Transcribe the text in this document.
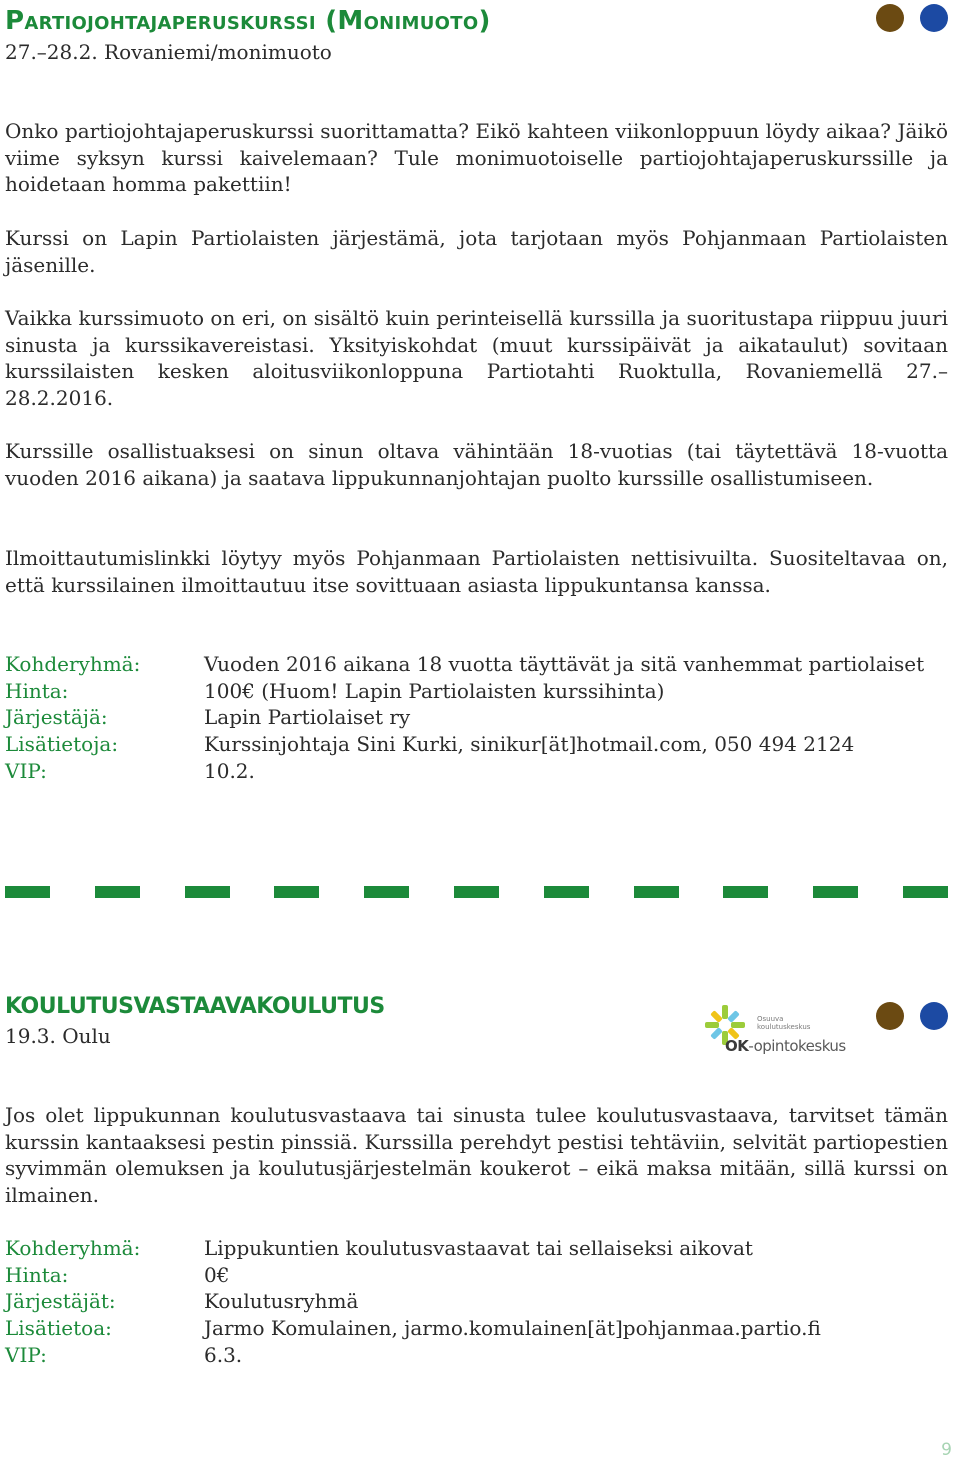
Partiojohtajaperuskurssi (Monimuoto)
27.–28.2. Rovaniemi/monimuoto

Onko partiojohtajaperuskurssi suorittamatta? Eikö kahteen viikonloppuun löydy aikaa? Jäikö viime syksyn kurssi kaivelemaan? Tule monimuotoiselle partiojohtajaperuskurssille ja hoidetaan homma pakettiin!

Kurssi on Lapin Partiolaisten järjestämä, jota tarjotaan myös Pohjanmaan Partiolaisten jäsenille.

Vaikka kurssimuoto on eri, on sisältö kuin perinteisellä kurssilla ja suoritustapa riippuu juuri sinusta ja kurssikavereistasi. Yksityiskohdat (muut kurssipäivät ja aikataulut) sovitaan kurssilaisten kesken aloitusviikonloppuna Partiotahti Ruoktulla, Rovaniemellä 27.–28.2.2016.

Kurssille osallistuaksesi on sinun oltava vähintään 18-vuotias (tai täytettävä 18-vuotta vuoden 2016 aikana) ja saatava lippukunnanjohtajan puolto kurssille osallistumiseen.

Ilmoittautumislinkki löytyy myös Pohjanmaan Partiolaisten nettisivuilta. Suositeltavaa on, että kurssilainen ilmoittautuu itse sovittuaan asiasta lippukuntansa kanssa.

Kohderyhmä:	Vuoden 2016 aikana 18 vuotta täyttävät ja sitä vanhemmat partiolaiset
Hinta:	100€ (Huom! Lapin Partiolaisten kurssihinta)
Järjestäjä:	Lapin Partiolaiset ry
Lisätietoja:	Kurssinjohtaja Sini Kurki, sinikur[ät]hotmail.com, 050 494 2124
VIP:	10.2.
KOULUTUSVASTAAVAKOULUTUS
19.3. Oulu
Osuuva
koulutuskeskus
OK-opintokeskus

Jos olet lippukunnan koulutusvastaava tai sinusta tulee koulutusvastaava, tarvitset tämän kurssin kantaaksesi pestin pinssiä. Kurssilla perehdyt pestisi tehtäviin, selvität partiopestien syvimmän olemuksen ja koulutusjärjestelmän koukerot – eikä maksa mitään, sillä kurssi on ilmainen.

Kohderyhmä:	Lippukuntien koulutusvastaavat tai sellaiseksi aikovat
Hinta:	0€
Järjestäjät:	Koulutusryhmä
Lisätietoa:	Jarmo Komulainen, jarmo.komulainen[ät]pohjanmaa.partio.fi
VIP:	6.3.
9
